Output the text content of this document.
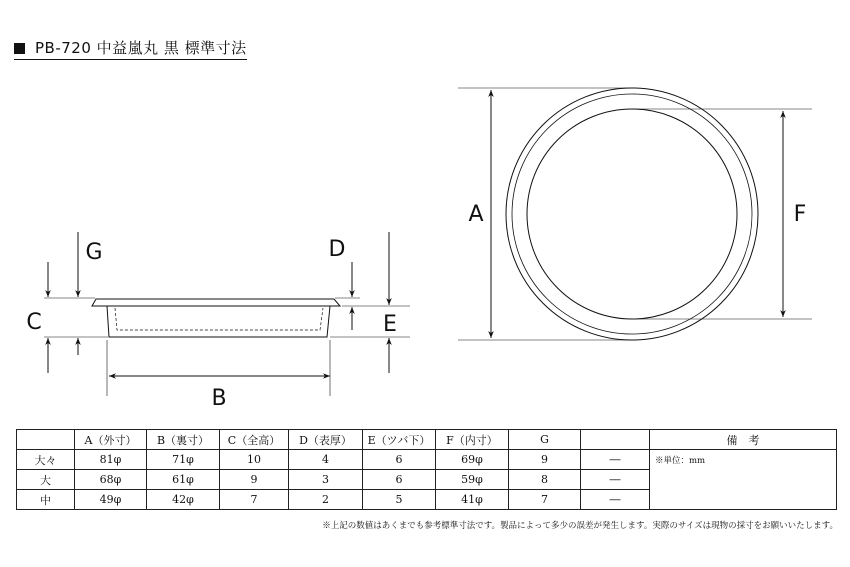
PB-720 中益嵐丸 黒 標準寸法
C
G	D
E
B
A	F
	A（外寸）	B（裏寸）	C（全高）	D（表厚）	E（ツバ下）	F（内寸）	G		備　考
大々	81φ	71φ	10	4	6	69φ	9	―	※単位：mm
大	68φ	61φ	9	3	6	59φ	8	―	
中	49φ	42φ	7	2	5	41φ	7	―	
※上記の数値はあくまでも参考標準寸法です。製品によって多少の誤差が発生します。実際のサイズは現物の採寸をお願いいたします。
